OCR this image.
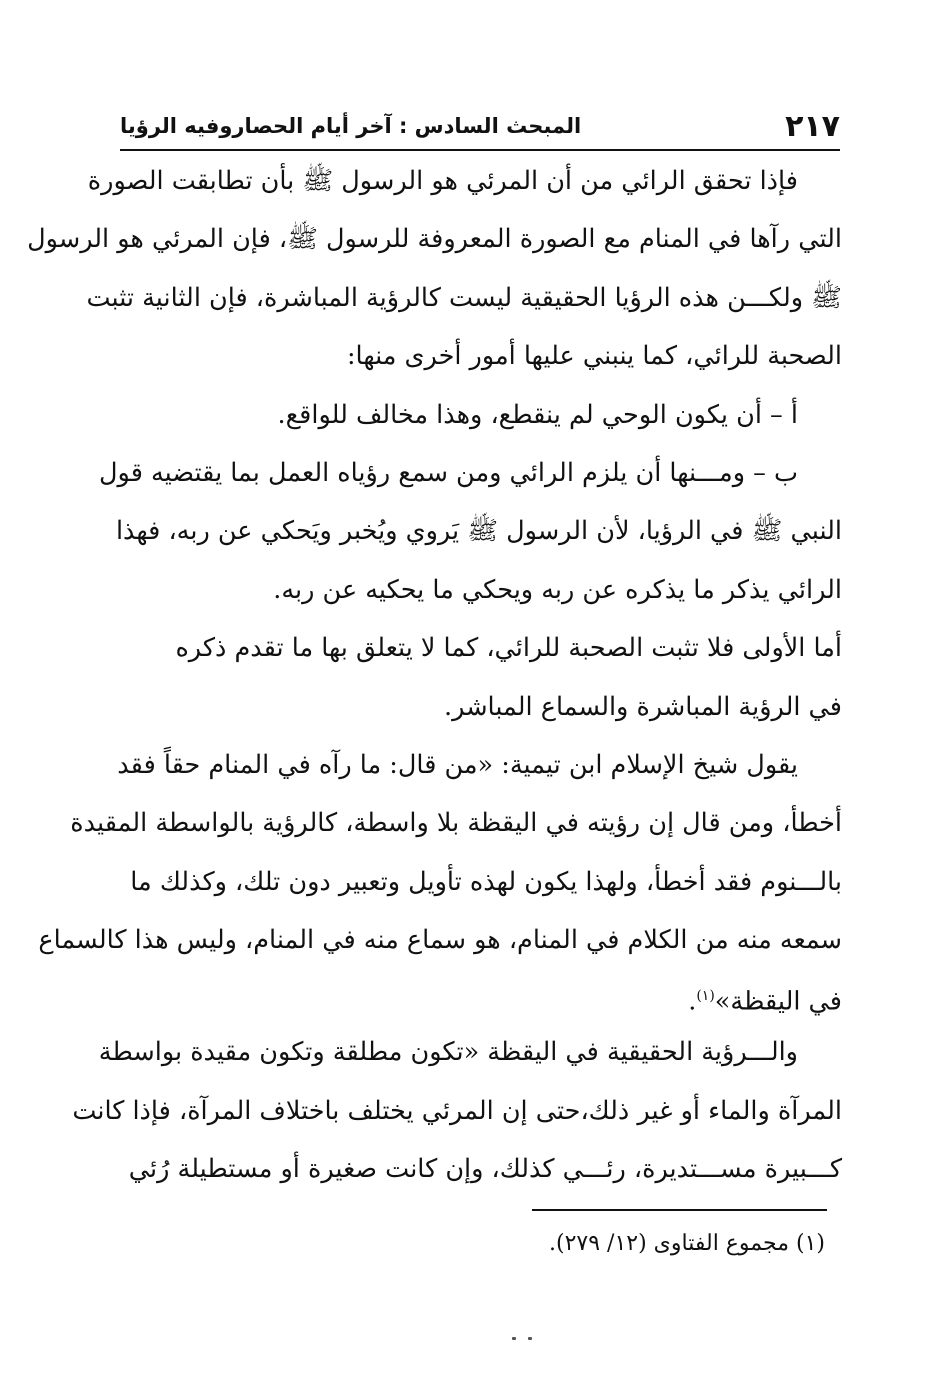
٢١٧
المبحث السادس : آخر أيام الحصاروفيه الرؤيا
فإذا تحقق الرائي من أن المرئي هو الرسول ﷺ بأن تطابقت الصورة
التي رآها في المنام مع الصورة المعروفة للرسول ﷺ، فإن المرئي هو الرسول
ﷺ ولكـــن هذه الرؤيا الحقيقية ليست كالرؤية المباشرة، فإن الثانية تثبت
الصحبة للرائي، كما ينبني عليها أمور أخرى منها:
أ – أن يكون الوحي لم ينقطع، وهذا مخالف للواقع.
ب – ومـــنها أن يلزم الرائي ومن سمع رؤياه العمل بما يقتضيه قول
النبي ﷺ في الرؤيا، لأن الرسول ﷺ يَروي ويُخبر ويَحكي عن ربه، فهذا
الرائي يذكر ما يذكره عن ربه ويحكي ما يحكيه عن ربه.
أما الأولى فلا تثبت الصحبة للرائي، كما لا يتعلق بها ما تقدم ذكره
في الرؤية المباشرة والسماع المباشر.
يقول شيخ الإسلام ابن تيمية: «من قال: ما رآه في المنام حقاً فقد
أخطأ، ومن قال إن رؤيته في اليقظة بلا واسطة، كالرؤية بالواسطة المقيدة
بالـــنوم فقد أخطأ، ولهذا يكون لهذه تأويل وتعبير دون تلك، وكذلك ما
سمعه منه من الكلام في المنام، هو سماع منه في المنام، وليس هذا كالسماع
في اليقظة»$^{(١)}$.
والـــرؤية الحقيقية في اليقظة «تكون مطلقة وتكون مقيدة بواسطة
المرآة والماء أو غير ذلك،حتى إن المرئي يختلف باختلاف المرآة، فإذا كانت
كـــبيرة مســـتديرة، رئـــي كذلك، وإن كانت صغيرة أو مستطيلة رُئي
(١) مجموع الفتاوى (١٢/ ٢٧٩).
